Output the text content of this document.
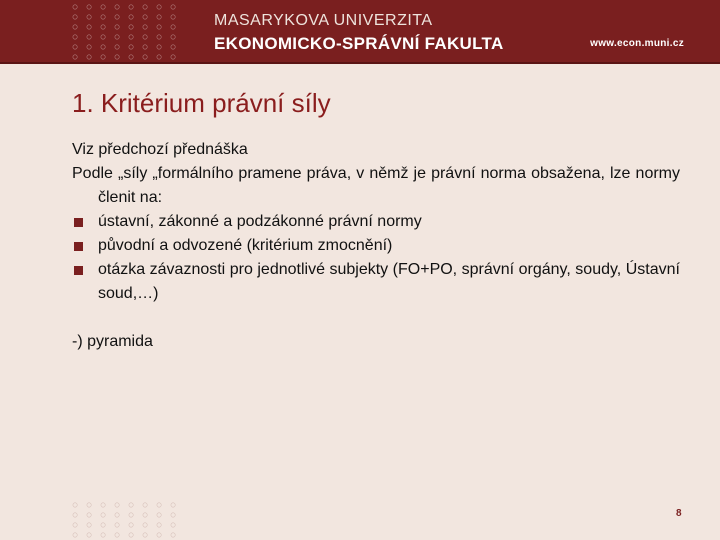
○	○	○	○	○	○	○	○
○	○	○	○	○	○	○	○
○	○	○	○	○	○	○	○
○	○	○	○	○	○	○	○
○	○	○	○	○	○	○	○
○	○	○	○	○	○	○	○
MASARYKOVA UNIVERZITA
EKONOMICKO-SPRÁVNÍ FAKULTA	www.econ.muni.cz
1. Kritérium právní síly

Viz předchozí přednáška

Podle „síly „formálního pramene práva, v němž je právní norma obsažena, lze normy členit na:

ústavní, zákonné a podzákonné právní normy
původní a odvozené (kritérium zmocnění)
otázka závaznosti pro jednotlivé subjekty (FO+PO, správní orgány, soudy, Ústavní soud,…)

-) pyramida

○	○	○	○	○	○	○	○
○	○	○	○	○	○	○	○
○	○	○	○	○	○	○	○
○	○	○	○	○	○	○	○
8
